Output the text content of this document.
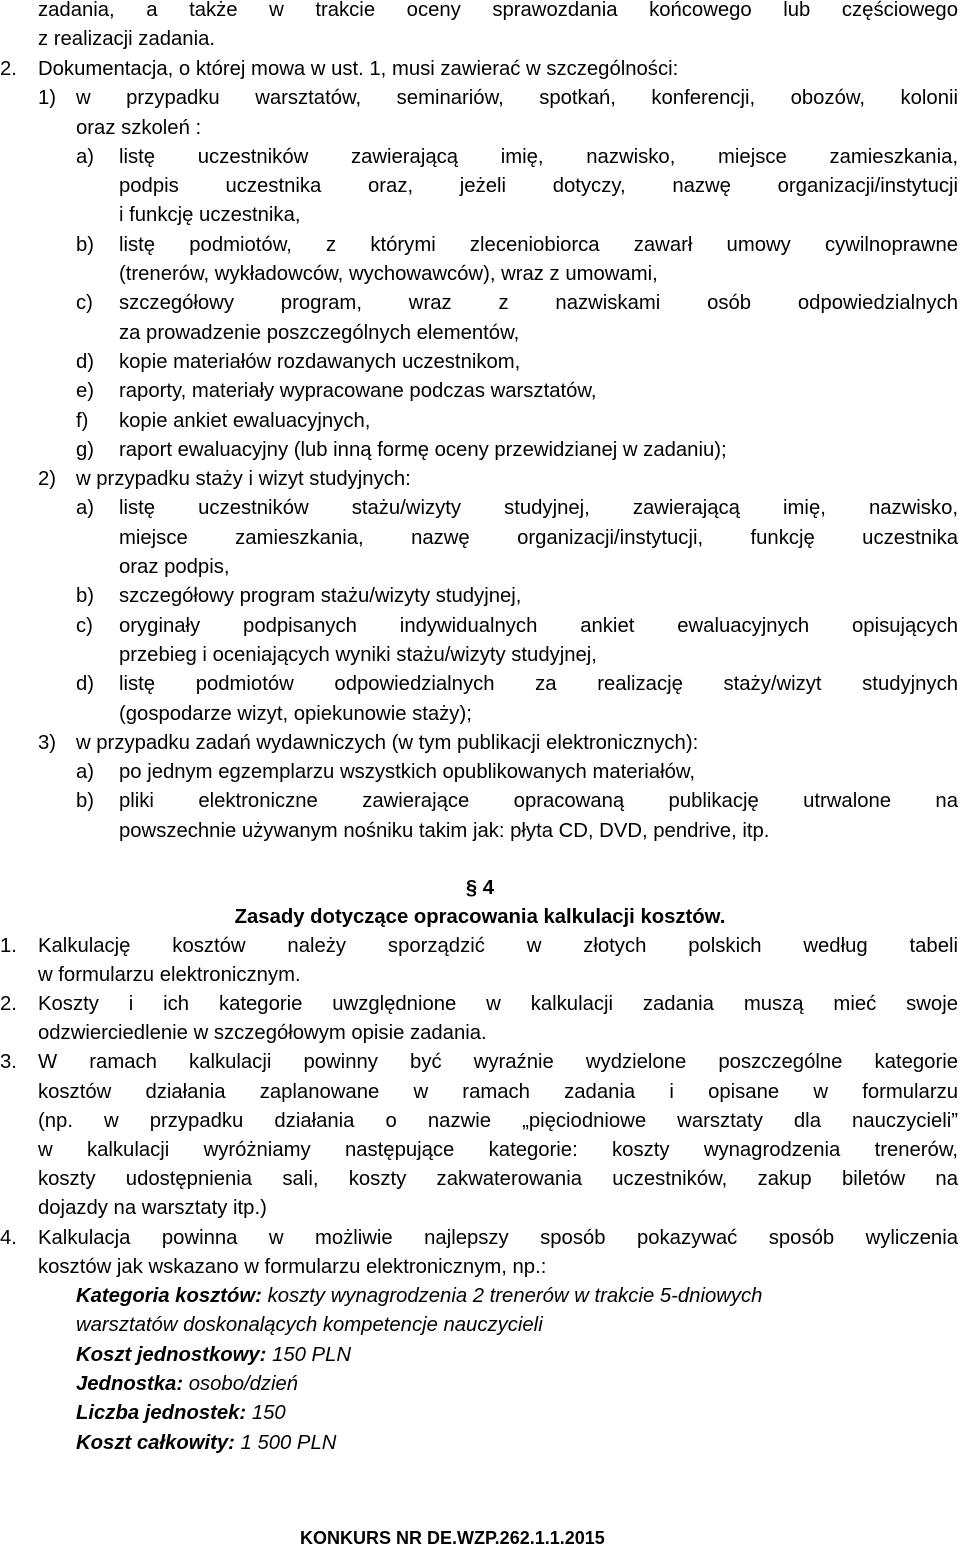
zadania, a także w trakcie oceny sprawozdania końcowego lub częściowego
z realizacji zadania.
2. Dokumentacja, o której mowa w ust. 1, musi zawierać w szczególności:
1) w przypadku warsztatów, seminariów, spotkań, konferencji, obozów, kolonii
oraz szkoleń :
a) listę uczestników zawierającą imię, nazwisko, miejsce zamieszkania,
podpis uczestnika oraz, jeżeli dotyczy, nazwę organizacji/instytucji
i funkcję uczestnika,
b) listę podmiotów, z którymi zleceniobiorca zawarł umowy cywilnoprawne
(trenerów, wykładowców, wychowawców), wraz z umowami,
c) szczegółowy program, wraz z nazwiskami osób odpowiedzialnych
za prowadzenie poszczególnych elementów,
d) kopie materiałów rozdawanych uczestnikom,
e) raporty, materiały wypracowane podczas warsztatów,
f) kopie ankiet ewaluacyjnych,
g) raport ewaluacyjny (lub inną formę oceny przewidzianej w zadaniu);
2) w przypadku staży i wizyt studyjnych:
a) listę uczestników stażu/wizyty studyjnej, zawierającą imię, nazwisko,
miejsce zamieszkania, nazwę organizacji/instytucji, funkcję uczestnika
oraz podpis,
b) szczegółowy program stażu/wizyty studyjnej,
c) oryginały podpisanych indywidualnych ankiet ewaluacyjnych opisujących
przebieg i oceniających wyniki stażu/wizyty studyjnej,
d) listę podmiotów odpowiedzialnych za realizację staży/wizyt studyjnych
(gospodarze wizyt, opiekunowie staży);
3) w przypadku zadań wydawniczych (w tym publikacji elektronicznych):
a) po jednym egzemplarzu wszystkich opublikowanych materiałów,
b) pliki elektroniczne zawierające opracowaną publikację utrwalone na
powszechnie używanym nośniku takim jak: płyta CD, DVD, pendrive, itp.
§ 4
Zasady dotyczące opracowania kalkulacji kosztów.
1. Kalkulację kosztów należy sporządzić w złotych polskich według tabeli
w formularzu elektronicznym.
2. Koszty i ich kategorie uwzględnione w kalkulacji zadania muszą mieć swoje
odzwierciedlenie w szczegółowym opisie zadania.
3. W ramach kalkulacji powinny być wyraźnie wydzielone poszczególne kategorie
kosztów działania zaplanowane w ramach zadania i opisane w formularzu
(np. w przypadku działania o nazwie „pięciodniowe warsztaty dla nauczycieli”
w kalkulacji wyróżniamy następujące kategorie: koszty wynagrodzenia trenerów,
koszty udostępnienia sali, koszty zakwaterowania uczestników, zakup biletów na
dojazdy na warsztaty itp.)
4. Kalkulacja powinna w możliwie najlepszy sposób pokazywać sposób wyliczenia
kosztów jak wskazano w formularzu elektronicznym, np.:
Kategoria kosztów: koszty wynagrodzenia 2 trenerów w trakcie 5-dniowych
warsztatów doskonalących kompetencje nauczycieli
Koszt jednostkowy: 150 PLN
Jednostka: osobo/dzień
Liczba jednostek: 150
Koszt całkowity: 1 500 PLN
KONKURS NR DE.WZP.262.1.1.2015
